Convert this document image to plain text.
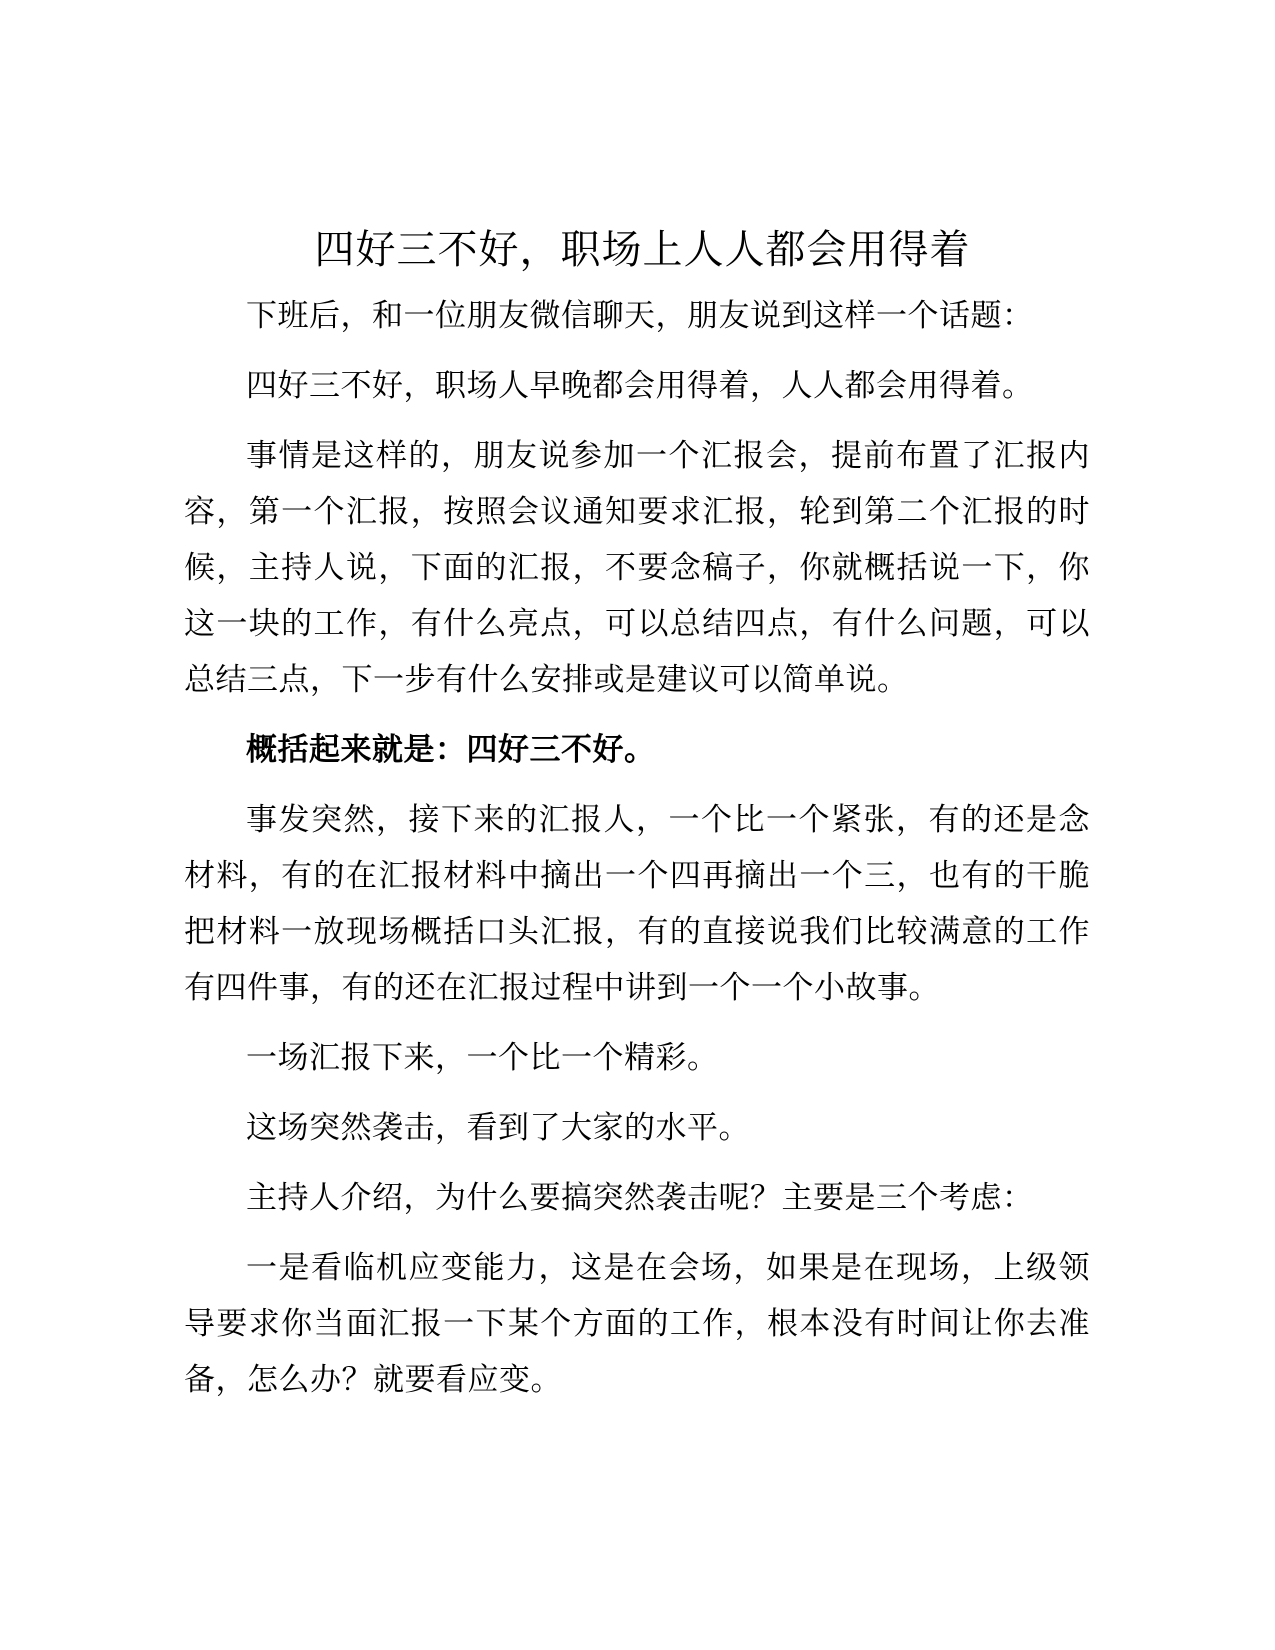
四好三不好，职场上人人都会用得着

下班后，和一位朋友微信聊天，朋友说到这样一个话题：

四好三不好，职场人早晚都会用得着，人人都会用得着。

事情是这样的，朋友说参加一个汇报会，提前布置了汇报内容，第一个汇报，按照会议通知要求汇报，轮到第二个汇报的时候，主持人说，下面的汇报，不要念稿子，你就概括说一下，你这一块的工作，有什么亮点，可以总结四点，有什么问题，可以总结三点，下一步有什么安排或是建议可以简单说。

概括起来就是：四好三不好。

事发突然，接下来的汇报人，一个比一个紧张，有的还是念材料，有的在汇报材料中摘出一个四再摘出一个三，也有的干脆把材料一放现场概括口头汇报，有的直接说我们比较满意的工作有四件事，有的还在汇报过程中讲到一个一个小故事。

一场汇报下来，一个比一个精彩。

这场突然袭击，看到了大家的水平。

主持人介绍，为什么要搞突然袭击呢？主要是三个考虑：

一是看临机应变能力，这是在会场，如果是在现场，上级领导要求你当面汇报一下某个方面的工作，根本没有时间让你去准备，怎么办？就要看应变。
